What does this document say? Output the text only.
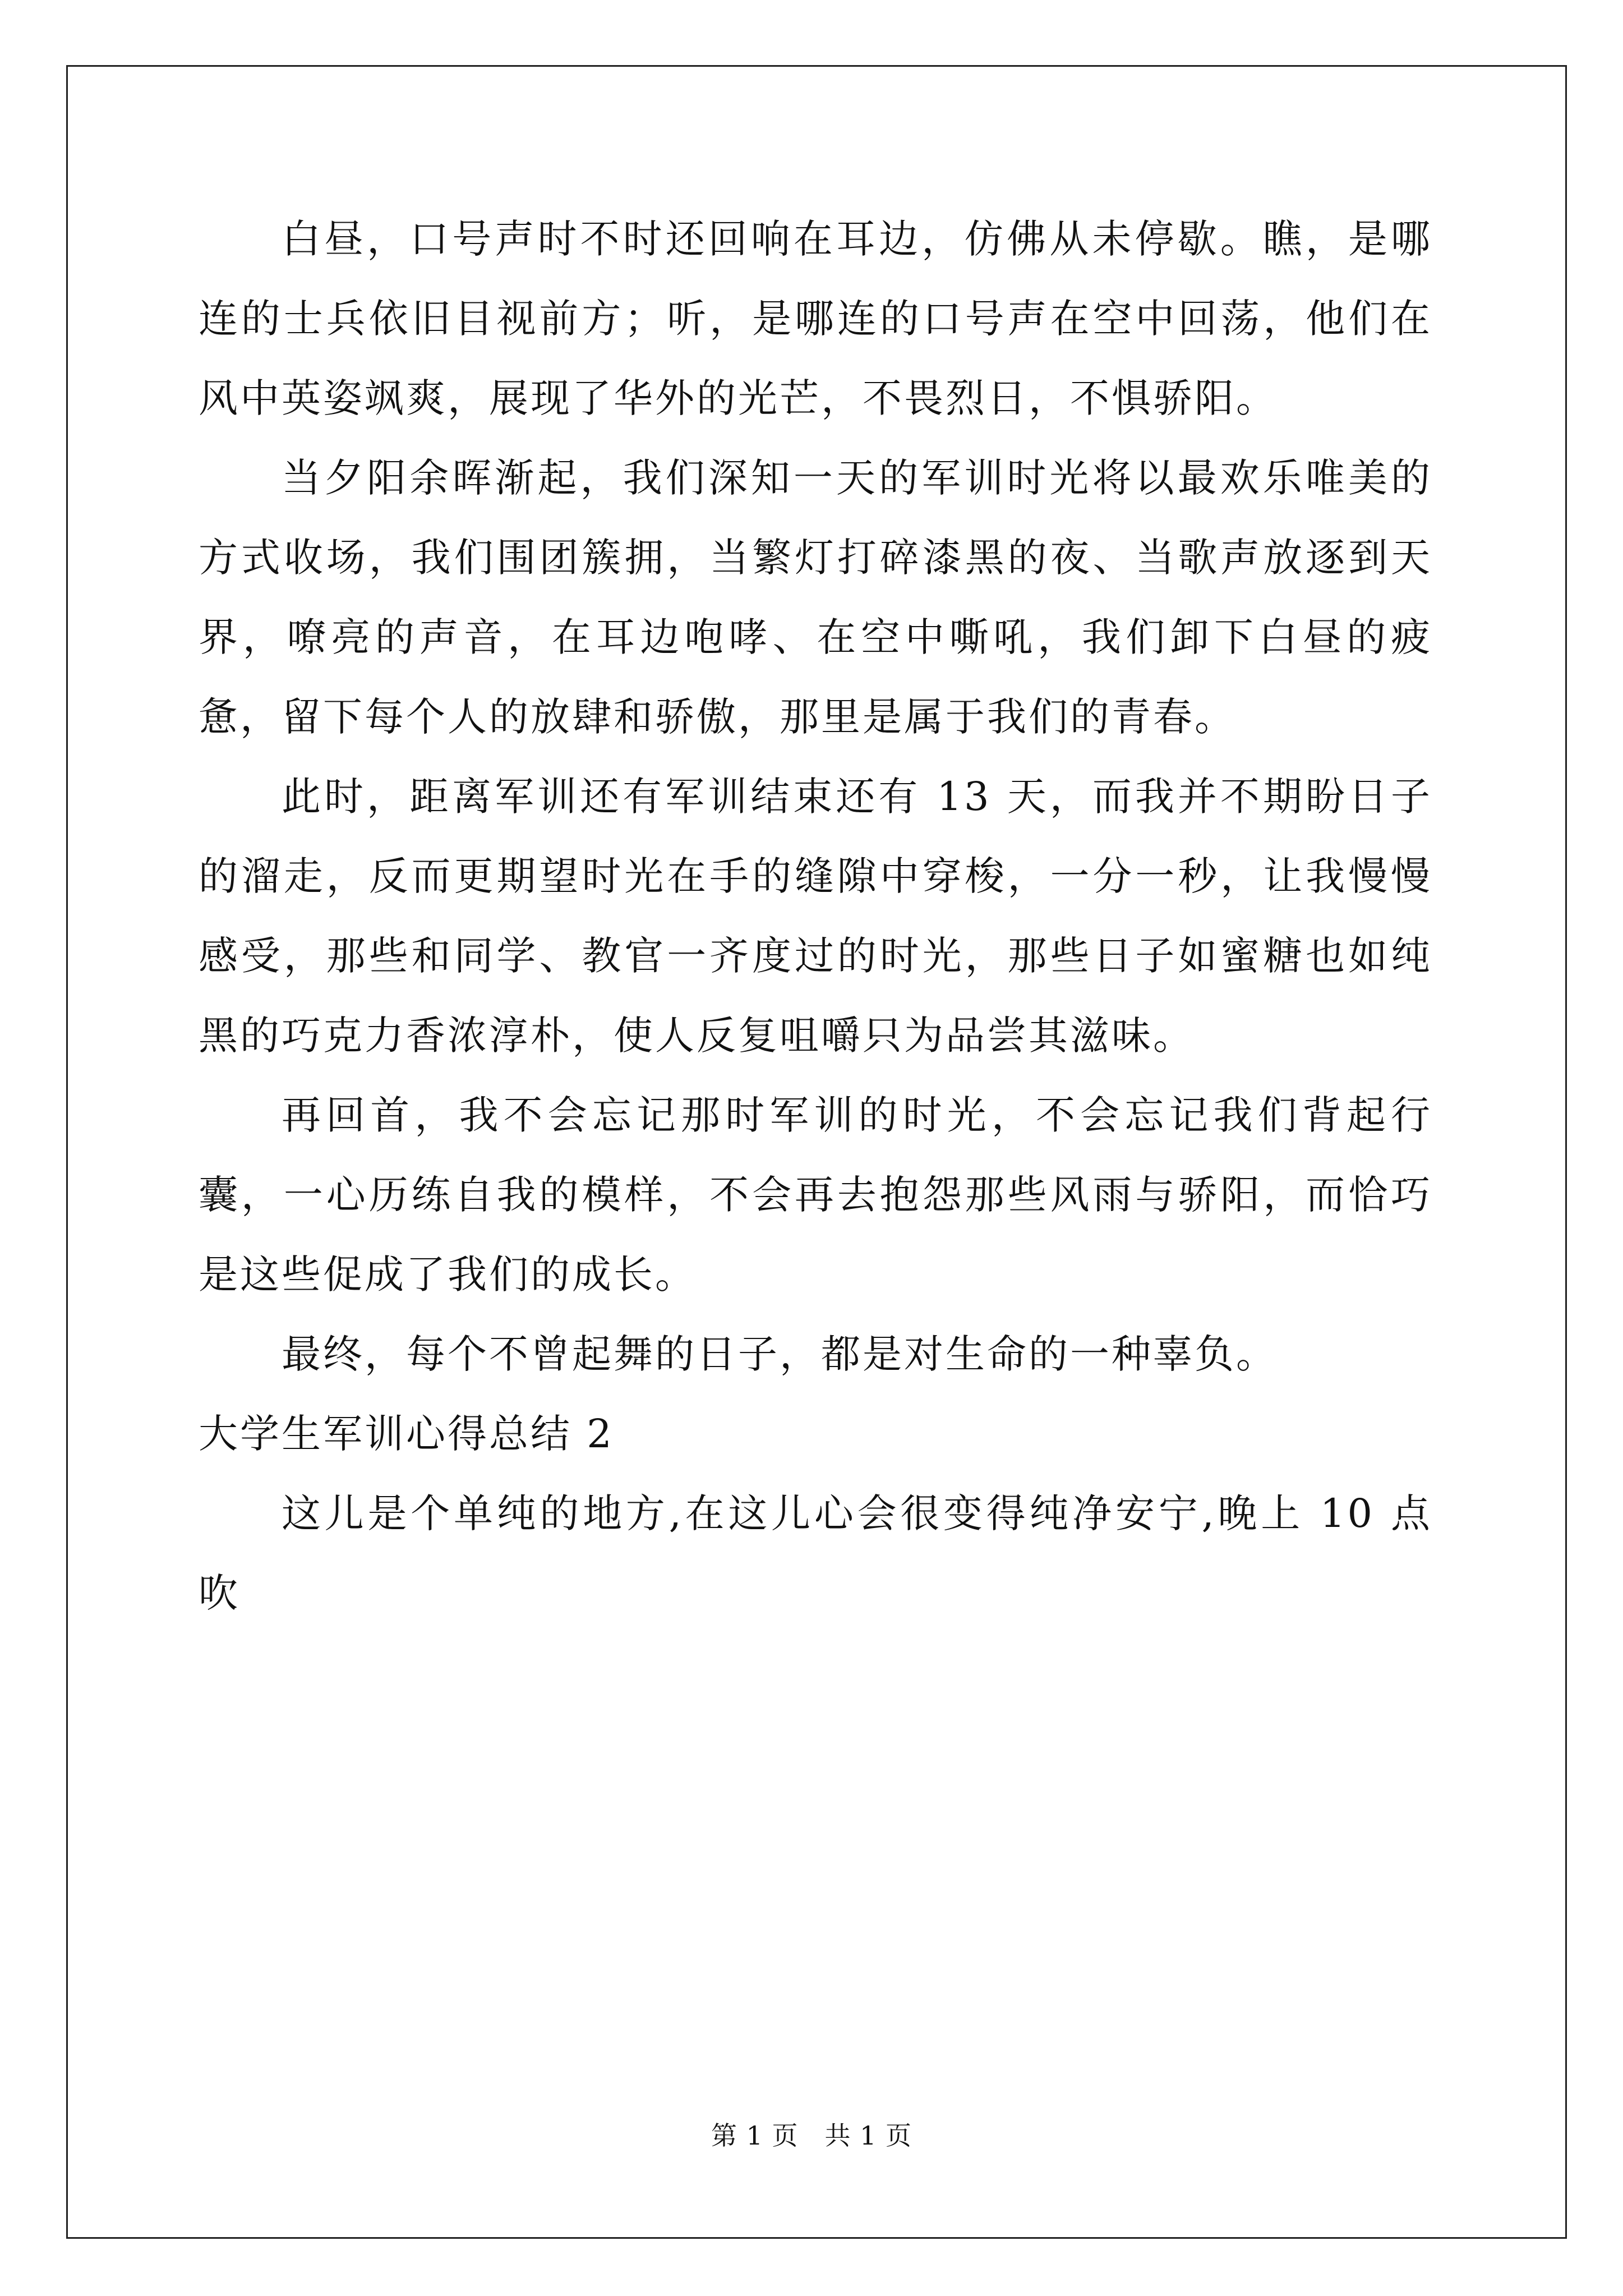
白昼，口号声时不时还回响在耳边，仿佛从未停歇。瞧，是哪连的士兵依旧目视前方；听，是哪连的口号声在空中回荡，他们在风中英姿飒爽，展现了华外的光芒，不畏烈日，不惧骄阳。

当夕阳余晖渐起，我们深知一天的军训时光将以最欢乐唯美的方式收场，我们围团簇拥，当繁灯打碎漆黑的夜、当歌声放逐到天界，嘹亮的声音，在耳边咆哮、在空中嘶吼，我们卸下白昼的疲惫，留下每个人的放肆和骄傲，那里是属于我们的青春。

此时，距离军训还有军训结束还有 13 天，而我并不期盼日子的溜走，反而更期望时光在手的缝隙中穿梭，一分一秒，让我慢慢感受，那些和同学、教官一齐度过的时光，那些日子如蜜糖也如纯黑的巧克力香浓淳朴，使人反复咀嚼只为品尝其滋味。

再回首，我不会忘记那时军训的时光，不会忘记我们背起行囊，一心历练自我的模样，不会再去抱怨那些风雨与骄阳，而恰巧是这些促成了我们的成长。

最终，每个不曾起舞的日子，都是对生命的一种辜负。

大学生军训心得总结 2

这儿是个单纯的地方,在这儿心会很变得纯净安宁,晚上 10 点吹

第 1 页　共 1 页
